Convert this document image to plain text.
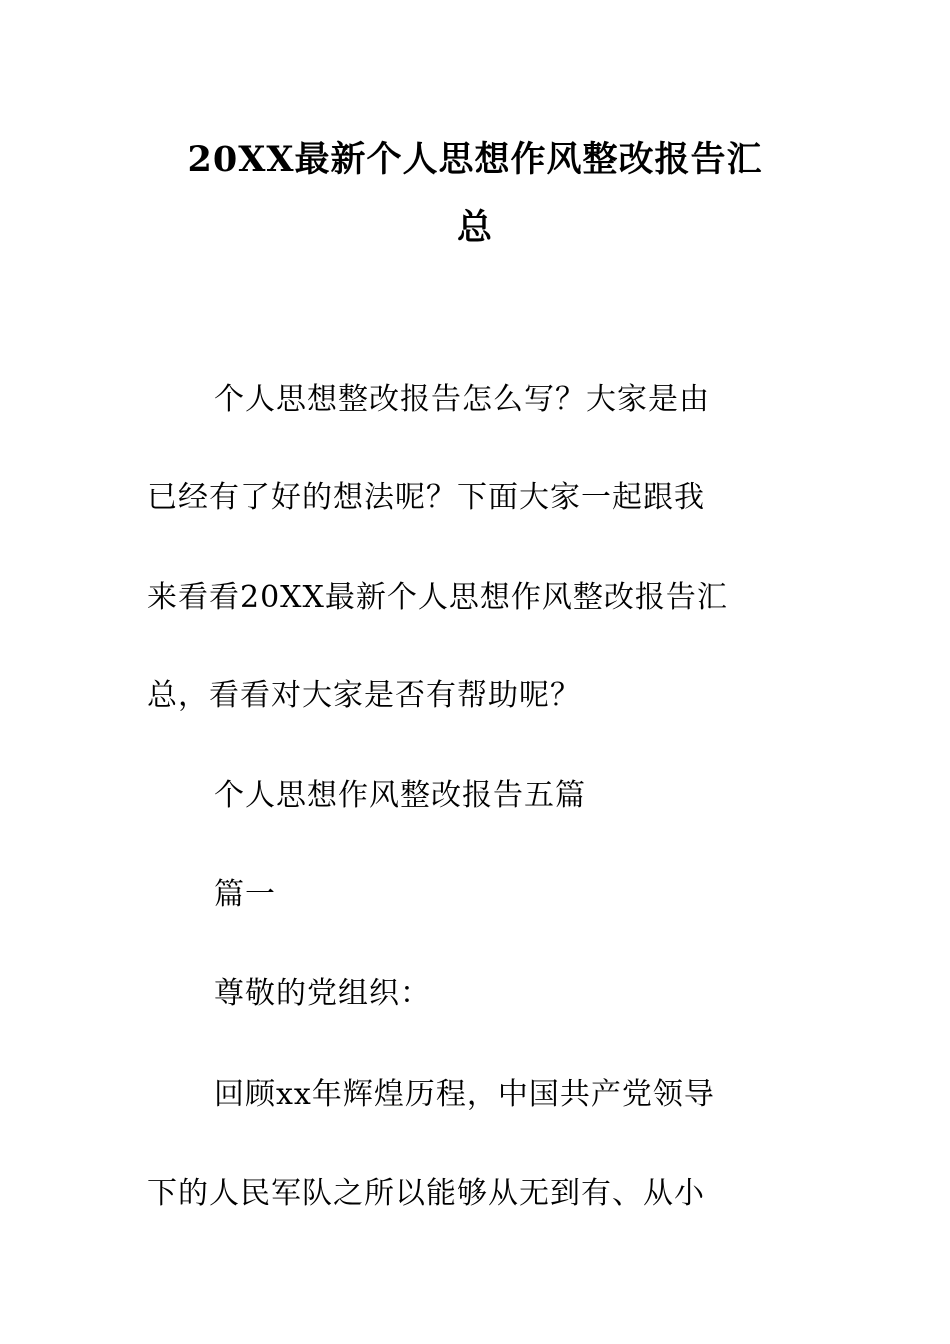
20XX最新个人思想作风整改报告汇
总

个人思想整改报告怎么写？大家是由

已经有了好的想法呢？下面大家一起跟我

来看看20XX最新个人思想作风整改报告汇

总，看看对大家是否有帮助呢？

个人思想作风整改报告五篇

篇一

尊敬的党组织：

回顾xx年辉煌历程，中国共产党领导

下的人民军队之所以能够从无到有、从小
